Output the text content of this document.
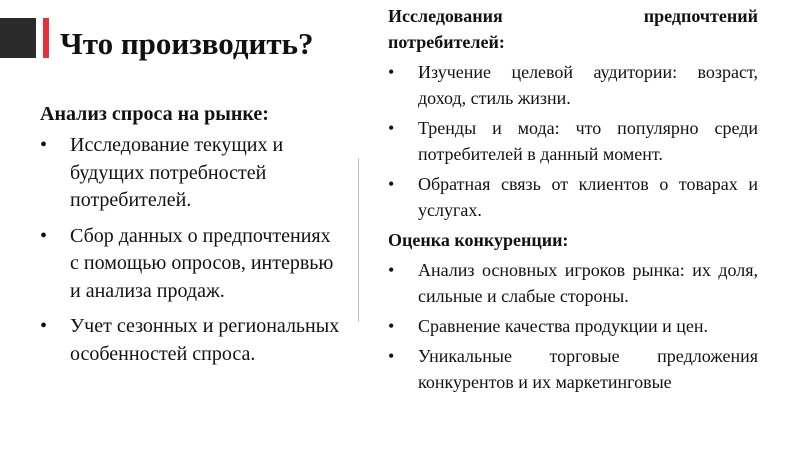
Что производить?
Анализ спроса на рынке:
• Исследование текущих и будущих потребностей потребителей.
• Сбор данных о предпочтениях с помощью опросов, интервью и анализа продаж.
• Учет сезонных и региональных особенностей спроса.
Исследования предпочтений
потребителей:
• Изучение целевой аудитории: возраст, доход, стиль жизни.
• Тренды и мода: что популярно среди потребителей в данный момент.
• Обратная связь от клиентов о товарах и услугах.
Оценка конкуренции:
• Анализ основных игроков рынка: их доля, сильные и слабые стороны.
• Сравнение качества продукции и цен.
• Уникальные торговые предложения конкурентов и их маркетинговые
